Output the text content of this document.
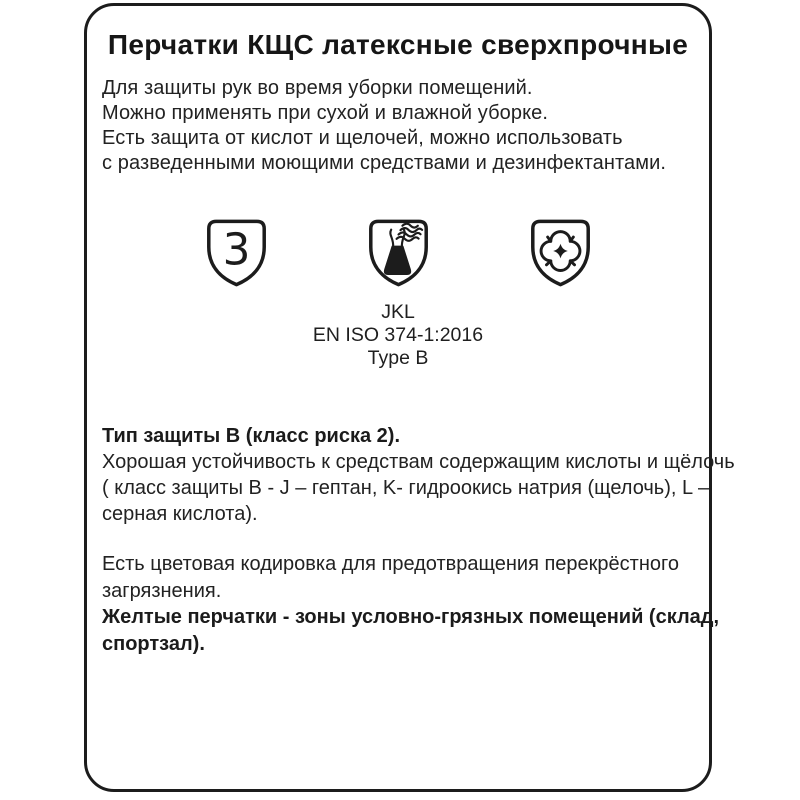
Перчатки КЩС латексные сверхпрочные
Для защиты рук во время уборки помещений.
Можно применять при сухой и влажной уборке.
Есть защита от кислот и щелочей, можно использовать
с разведенными моющими средствами и дезинфектантами.
3
JKL
EN ISO 374-1:2016
Type B
Тип защиты B (класс риска 2).
Хорошая устойчивость к средствам содержащим кислоты и щёлочь
( класс защиты В - J – гептан, K- гидроокись натрия (щелочь), L –
серная кислота).
Есть цветовая кодировка для предотвращения перекрёстного
загрязнения.
Желтые перчатки - зоны условно-грязных помещений (склад,
спортзал).
